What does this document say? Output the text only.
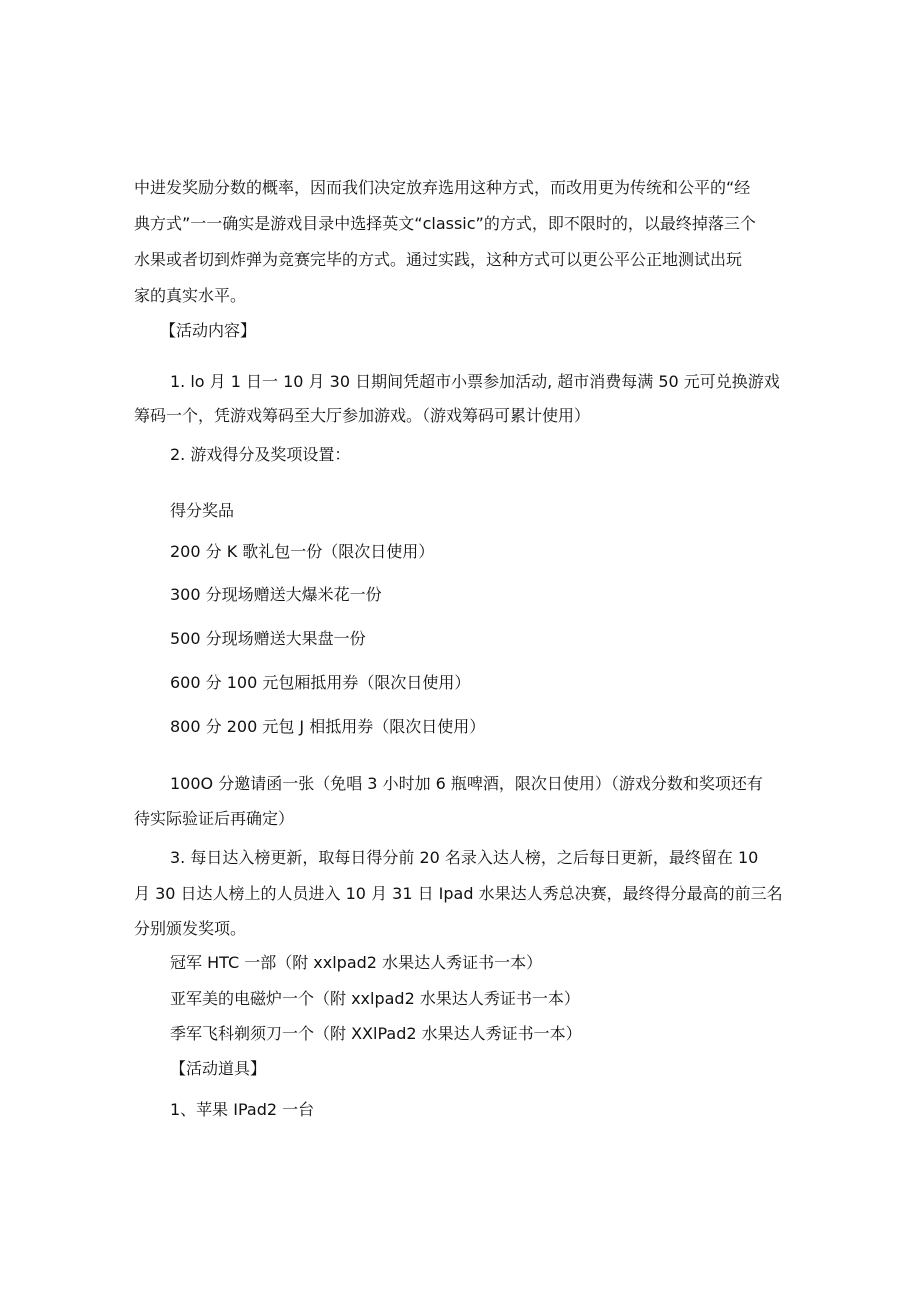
中进发奖励分数的概率，因而我们决定放弃选用这种方式，而改用更为传统和公平的“经

典方式”一一确实是游戏目录中选择英文“classic”的方式，即不限时的，以最终掉落三个

水果或者切到炸弹为竞赛完毕的方式。通过实践，这种方式可以更公平公正地测试出玩

家的真实水平。

【活动内容】

1. lo 月 1 日一 10 月 30 日期间凭超市小票参加活动, 超市消费每满 50 元可兑换游戏

筹码一个，凭游戏筹码至大厅参加游戏。（游戏筹码可累计使用）

2. 游戏得分及奖项设置：

得分奖品

200 分 K 歌礼包一份（限次日使用）

300 分现场赠送大爆米花一份

500 分现场赠送大果盘一份

600 分 100 元包厢抵用券（限次日使用）

800 分 200 元包 J 相抵用券（限次日使用）

100O 分邀请函一张（免唱 3 小时加 6 瓶啤酒，限次日使用）（游戏分数和奖项还有

待实际验证后再确定）

3. 每日达入榜更新，取每日得分前 20 名录入达人榜，之后每日更新，最终留在 10

月 30 日达人榜上的人员进入 10 月 31 日 Ipad 水果达人秀总决赛，最终得分最高的前三名

分别颁发奖项。

冠军 HTC 一部（附 xxlpad2 水果达人秀证书一本）

亚军美的电磁炉一个（附 xxlpad2 水果达人秀证书一本）

季军飞科剃须刀一个（附 XXlPad2 水果达人秀证书一本）

【活动道具】

1、苹果 IPad2 一台
